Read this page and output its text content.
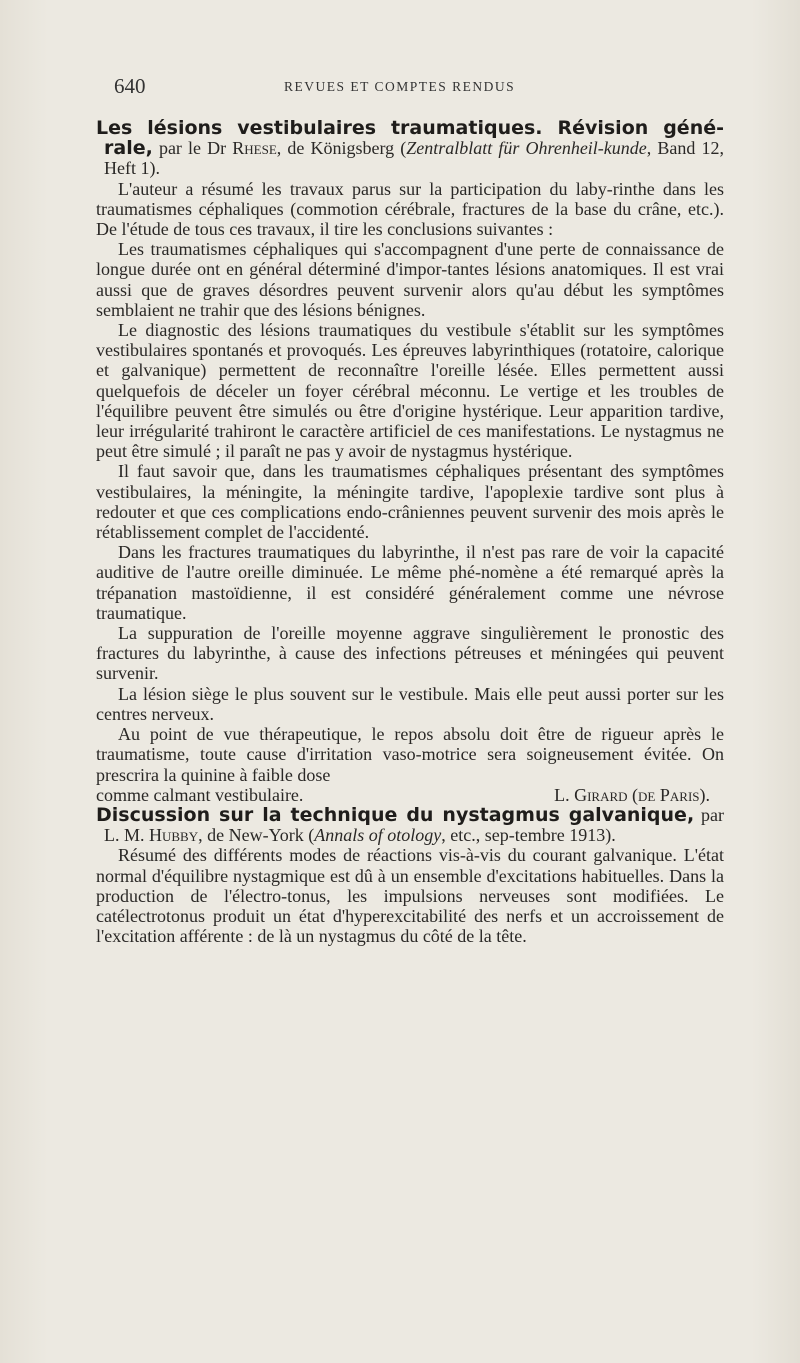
640	REVUES ET COMPTES RENDUS

Les lésions vestibulaires traumatiques. Révision géné-rale, par le Dr Rhese, de Königsberg (Zentralblatt für Ohrenheil-kunde, Band 12, Heft 1).

L'auteur a résumé les travaux parus sur la participation du laby-rinthe dans les traumatismes céphaliques (commotion cérébrale, fractures de la base du crâne, etc.). De l'étude de tous ces travaux, il tire les conclusions suivantes :

Les traumatismes céphaliques qui s'accompagnent d'une perte de connaissance de longue durée ont en général déterminé d'impor-tantes lésions anatomiques. Il est vrai aussi que de graves désordres peuvent survenir alors qu'au début les symptômes semblaient ne trahir que des lésions bénignes.

Le diagnostic des lésions traumatiques du vestibule s'établit sur les symptômes vestibulaires spontanés et provoqués. Les épreuves labyrinthiques (rotatoire, calorique et galvanique) permettent de reconnaître l'oreille lésée. Elles permettent aussi quelquefois de déceler un foyer cérébral méconnu. Le vertige et les troubles de l'équilibre peuvent être simulés ou être d'origine hystérique. Leur apparition tardive, leur irrégularité trahiront le caractère artificiel de ces manifestations. Le nystagmus ne peut être simulé ; il paraît ne pas y avoir de nystagmus hystérique.

Il faut savoir que, dans les traumatismes céphaliques présentant des symptômes vestibulaires, la méningite, la méningite tardive, l'apoplexie tardive sont plus à redouter et que ces complications endo-crâniennes peuvent survenir des mois après le rétablissement complet de l'accidenté.

Dans les fractures traumatiques du labyrinthe, il n'est pas rare de voir la capacité auditive de l'autre oreille diminuée. Le même phé-nomène a été remarqué après la trépanation mastoïdienne, il est considéré généralement comme une névrose traumatique.

La suppuration de l'oreille moyenne aggrave singulièrement le pronostic des fractures du labyrinthe, à cause des infections pétreuses et méningées qui peuvent survenir.

La lésion siège le plus souvent sur le vestibule. Mais elle peut aussi porter sur les centres nerveux.

Au point de vue thérapeutique, le repos absolu doit être de rigueur après le traumatisme, toute cause d'irritation vaso-motrice sera soigneusement évitée. On prescrira la quinine à faible dose

comme calmant vestibulaire.	L. Girard (de Paris).

Discussion sur la technique du nystagmus galvanique, par L. M. Hubby, de New-York (Annals of otology, etc., sep-tembre 1913).

Résumé des différents modes de réactions vis-à-vis du courant galvanique. L'état normal d'équilibre nystagmique est dû à un ensemble d'excitations habituelles. Dans la production de l'électro-tonus, les impulsions nerveuses sont modifiées. Le catélectrotonus produit un état d'hyperexcitabilité des nerfs et un accroissement de l'excitation afférente : de là un nystagmus du côté de la tête.
